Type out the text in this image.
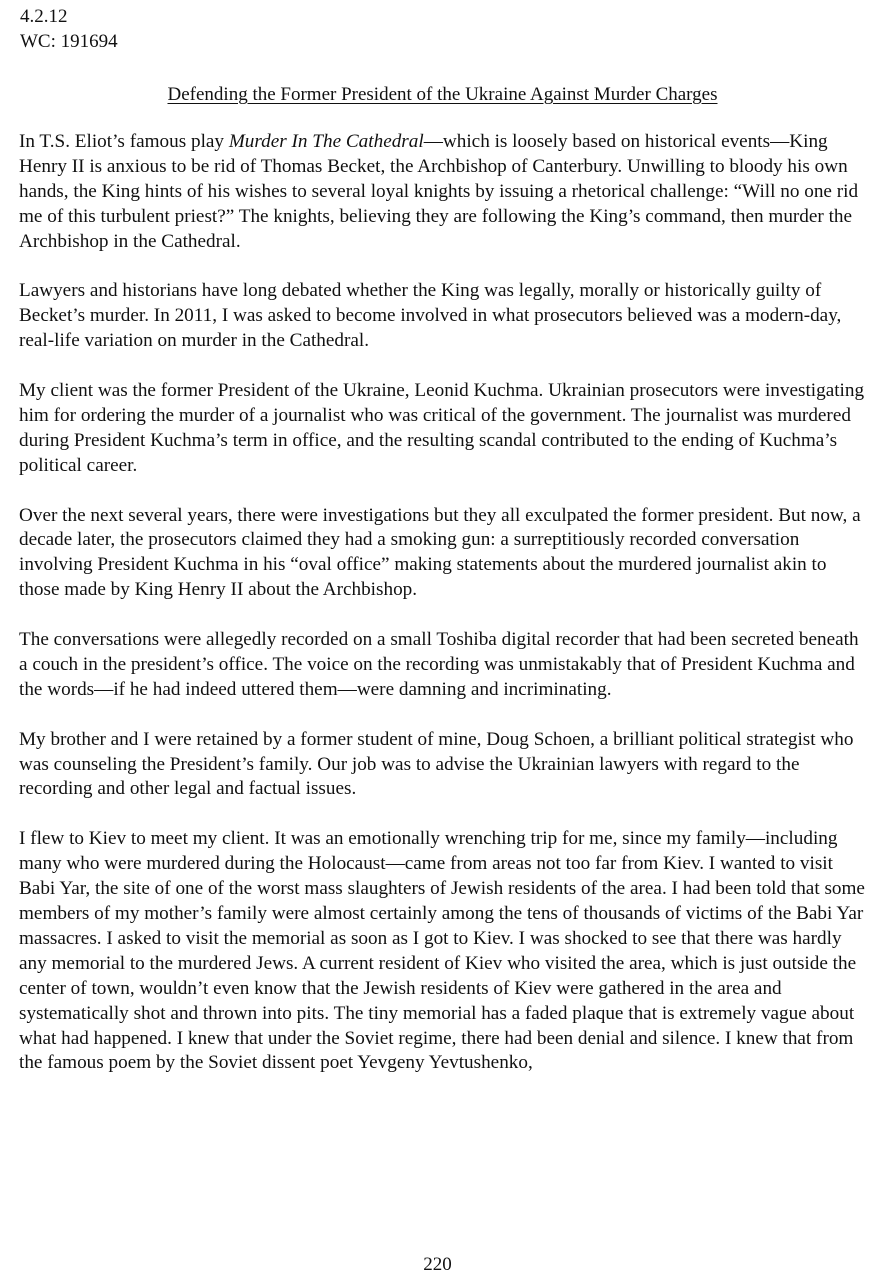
4.2.12
WC: 191694
Defending the Former President of the Ukraine Against Murder Charges

In T.S. Eliot’s famous play Murder In The Cathedral—which is loosely based on historical events—King Henry II is anxious to be rid of Thomas Becket, the Archbishop of Canterbury. Unwilling to bloody his own hands, the King hints of his wishes to several loyal knights by issuing a rhetorical challenge: “Will no one rid me of this turbulent priest?” The knights, believing they are following the King’s command, then murder the Archbishop in the Cathedral.

Lawyers and historians have long debated whether the King was legally, morally or historically guilty of Becket’s murder. In 2011, I was asked to become involved in what prosecutors believed was a modern-day, real-life variation on murder in the Cathedral.

My client was the former President of the Ukraine, Leonid Kuchma. Ukrainian prosecutors were investigating him for ordering the murder of a journalist who was critical of the government. The journalist was murdered during President Kuchma’s term in office, and the resulting scandal contributed to the ending of Kuchma’s political career.

Over the next several years, there were investigations but they all exculpated the former president. But now, a decade later, the prosecutors claimed they had a smoking gun: a surreptitiously recorded conversation involving President Kuchma in his “oval office” making statements about the murdered journalist akin to those made by King Henry II about the Archbishop.

The conversations were allegedly recorded on a small Toshiba digital recorder that had been secreted beneath a couch in the president’s office. The voice on the recording was unmistakably that of President Kuchma and the words—if he had indeed uttered them—were damning and incriminating.

My brother and I were retained by a former student of mine, Doug Schoen, a brilliant political strategist who was counseling the President’s family. Our job was to advise the Ukrainian lawyers with regard to the recording and other legal and factual issues.

I flew to Kiev to meet my client. It was an emotionally wrenching trip for me, since my family—including many who were murdered during the Holocaust—came from areas not too far from Kiev. I wanted to visit Babi Yar, the site of one of the worst mass slaughters of Jewish residents of the area. I had been told that some members of my mother’s family were almost certainly among the tens of thousands of victims of the Babi Yar massacres. I asked to visit the memorial as soon as I got to Kiev. I was shocked to see that there was hardly any memorial to the murdered Jews. A current resident of Kiev who visited the area, which is just outside the center of town, wouldn’t even know that the Jewish residents of Kiev were gathered in the area and systematically shot and thrown into pits. The tiny memorial has a faded plaque that is extremely vague about what had happened. I knew that under the Soviet regime, there had been denial and silence. I knew that from the famous poem by the Soviet dissent poet Yevgeny Yevtushenko,

220
